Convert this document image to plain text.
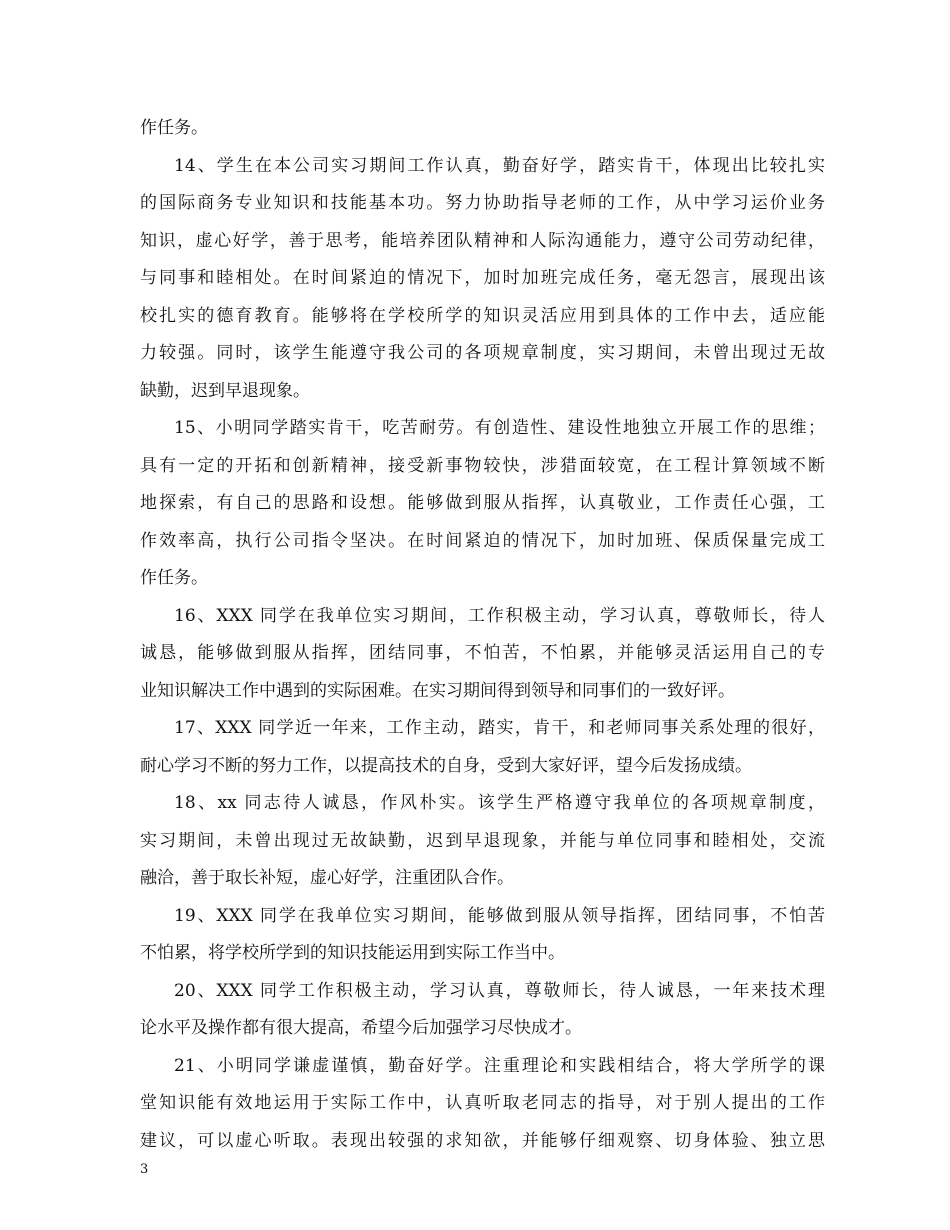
作任务。
14、学生在本公司实习期间工作认真，勤奋好学，踏实肯干，体现出比较扎实
的国际商务专业知识和技能基本功。努力协助指导老师的工作，从中学习运价业务
知识，虚心好学，善于思考，能培养团队精神和人际沟通能力，遵守公司劳动纪律，
与同事和睦相处。在时间紧迫的情况下，加时加班完成任务，毫无怨言，展现出该
校扎实的德育教育。能够将在学校所学的知识灵活应用到具体的工作中去，适应能
力较强。同时，该学生能遵守我公司的各项规章制度，实习期间，未曾出现过无故
缺勤，迟到早退现象。
15、小明同学踏实肯干，吃苦耐劳。有创造性、建设性地独立开展工作的思维；
具有一定的开拓和创新精神，接受新事物较快，涉猎面较宽，在工程计算领域不断
地探索，有自己的思路和设想。能够做到服从指挥，认真敬业，工作责任心强，工
作效率高，执行公司指令坚决。在时间紧迫的情况下，加时加班、保质保量完成工
作任务。
16、XXX 同学在我单位实习期间，工作积极主动，学习认真，尊敬师长，待人
诚恳，能够做到服从指挥，团结同事，不怕苦，不怕累，并能够灵活运用自己的专
业知识解决工作中遇到的实际困难。在实习期间得到领导和同事们的一致好评。
17、XXX 同学近一年来，工作主动，踏实，肯干，和老师同事关系处理的很好，
耐心学习不断的努力工作，以提高技术的自身，受到大家好评，望今后发扬成绩。
18、xx 同志待人诚恳，作风朴实。该学生严格遵守我单位的各项规章制度，
实习期间，未曾出现过无故缺勤，迟到早退现象，并能与单位同事和睦相处，交流
融洽，善于取长补短，虚心好学，注重团队合作。
19、XXX 同学在我单位实习期间，能够做到服从领导指挥，团结同事，不怕苦
不怕累，将学校所学到的知识技能运用到实际工作当中。
20、XXX 同学工作积极主动，学习认真，尊敬师长，待人诚恳，一年来技术理
论水平及操作都有很大提高，希望今后加强学习尽快成才。
21、小明同学谦虚谨慎，勤奋好学。注重理论和实践相结合，将大学所学的课
堂知识能有效地运用于实际工作中，认真听取老同志的指导，对于别人提出的工作
建议，可以虚心听取。表现出较强的求知欲，并能够仔细观察、切身体验、独立思
3
